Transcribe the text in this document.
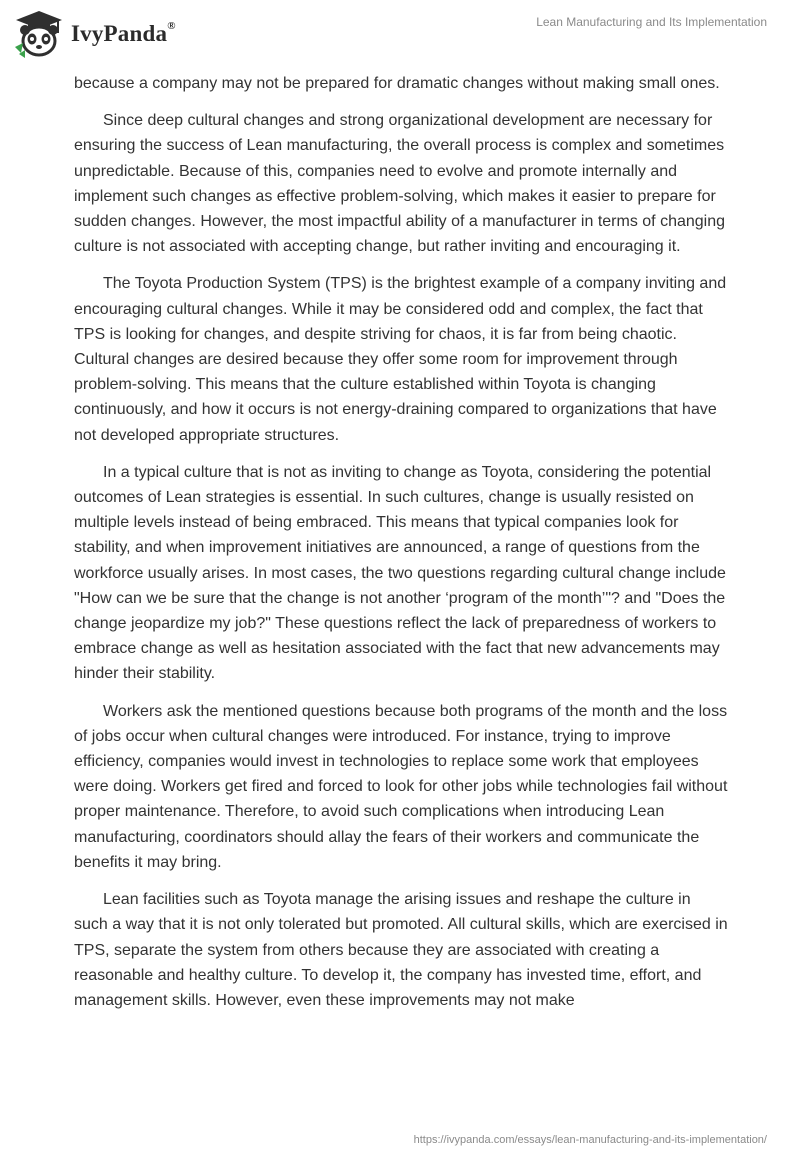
IvyPanda®	Lean Manufacturing and Its Implementation

because a company may not be prepared for dramatic changes without making small ones.

Since deep cultural changes and strong organizational development are necessary for ensuring the success of Lean manufacturing, the overall process is complex and sometimes unpredictable. Because of this, companies need to evolve and promote internally and implement such changes as effective problem-solving, which makes it easier to prepare for sudden changes. However, the most impactful ability of a manufacturer in terms of changing culture is not associated with accepting change, but rather inviting and encouraging it.

The Toyota Production System (TPS) is the brightest example of a company inviting and encouraging cultural changes. While it may be considered odd and complex, the fact that TPS is looking for changes, and despite striving for chaos, it is far from being chaotic. Cultural changes are desired because they offer some room for improvement through problem-solving. This means that the culture established within Toyota is changing continuously, and how it occurs is not energy-draining compared to organizations that have not developed appropriate structures.

In a typical culture that is not as inviting to change as Toyota, considering the potential outcomes of Lean strategies is essential. In such cultures, change is usually resisted on multiple levels instead of being embraced. This means that typical companies look for stability, and when improvement initiatives are announced, a range of questions from the workforce usually arises. In most cases, the two questions regarding cultural change include "How can we be sure that the change is not another ‘program of the month’"? and "Does the change jeopardize my job?" These questions reflect the lack of preparedness of workers to embrace change as well as hesitation associated with the fact that new advancements may hinder their stability.

Workers ask the mentioned questions because both programs of the month and the loss of jobs occur when cultural changes were introduced. For instance, trying to improve efficiency, companies would invest in technologies to replace some work that employees were doing. Workers get fired and forced to look for other jobs while technologies fail without proper maintenance. Therefore, to avoid such complications when introducing Lean manufacturing, coordinators should allay the fears of their workers and communicate the benefits it may bring.

Lean facilities such as Toyota manage the arising issues and reshape the culture in such a way that it is not only tolerated but promoted. All cultural skills, which are exercised in TPS, separate the system from others because they are associated with creating a reasonable and healthy culture. To develop it, the company has invested time, effort, and management skills. However, even these improvements may not make

https://ivypanda.com/essays/lean-manufacturing-and-its-implementation/
